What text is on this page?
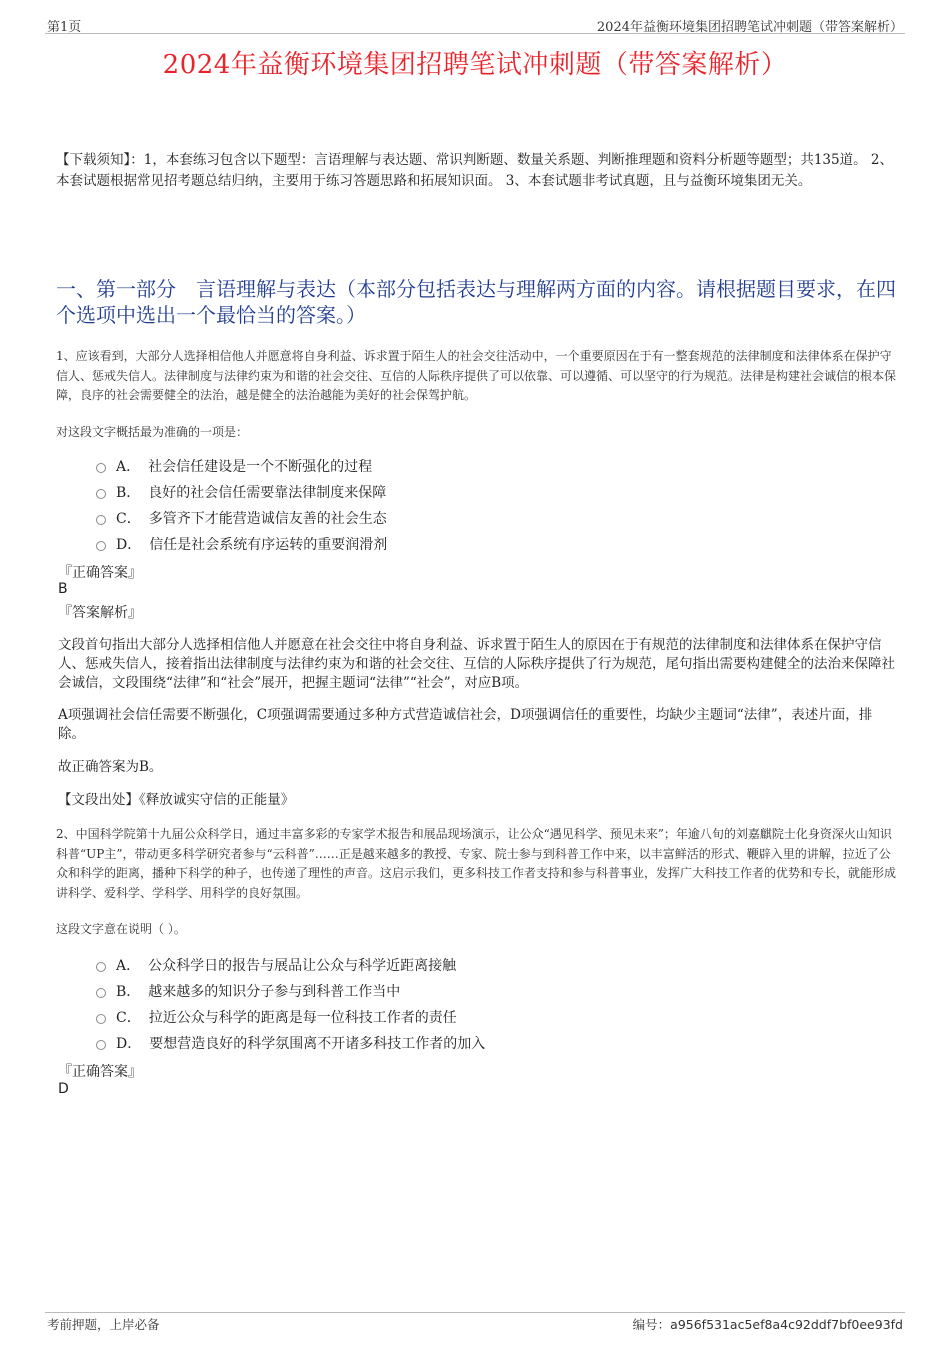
第1页	2024年益衡环境集团招聘笔试冲刺题（带答案解析）
2024年益衡环境集团招聘笔试冲刺题（带答案解析）
【下载须知】：1，本套练习包含以下题型：言语理解与表达题、常识判断题、数量关系题、判断推理题和资料分析题等题型；共135道。 2、本套试题根据常见招考题总结归纳，主要用于练习答题思路和拓展知识面。 3、本套试题非考试真题，且与益衡环境集团无关。
一、第一部分　言语理解与表达（本部分包括表达与理解两方面的内容。请根据题目要求，在四个选项中选出一个最恰当的答案。）
1、应该看到，大部分人选择相信他人并愿意将自身利益、诉求置于陌生人的社会交往活动中，一个重要原因在于有一整套规范的法律制度和法律体系在保护守信人、惩戒失信人。法律制度与法律约束为和谐的社会交往、互信的人际秩序提供了可以依靠、可以遵循、可以坚守的行为规范。法律是构建社会诚信的根本保障，良序的社会需要健全的法治，越是健全的法治越能为美好的社会保驾护航。
对这段文字概括最为准确的一项是：
A． 社会信任建设是一个不断强化的过程
B． 良好的社会信任需要靠法律制度来保障
C． 多管齐下才能营造诚信友善的社会生态
D． 信任是社会系统有序运转的重要润滑剂
『正确答案』
B
『答案解析』
文段首句指出大部分人选择相信他人并愿意在社会交往中将自身利益、诉求置于陌生人的原因在于有规范的法律制度和法律体系在保护守信人、惩戒失信人，接着指出法律制度与法律约束为和谐的社会交往、互信的人际秩序提供了行为规范，尾句指出需要构建健全的法治来保障社会诚信，文段围绕“法律”和“社会”展开，把握主题词“法律”“社会”，对应B项。
A项强调社会信任需要不断强化，C项强调需要通过多种方式营造诚信社会，D项强调信任的重要性，均缺少主题词“法律”，表述片面，排除。
故正确答案为B。
【文段出处】《释放诚实守信的正能量》
2、中国科学院第十九届公众科学日，通过丰富多彩的专家学术报告和展品现场演示，让公众“遇见科学、预见未来”；年逾八旬的刘嘉麒院士化身资深火山知识科普“UP主”，带动更多科学研究者参与“云科普”……正是越来越多的教授、专家、院士参与到科普工作中来，以丰富鲜活的形式、鞭辟入里的讲解，拉近了公众和科学的距离，播种下科学的种子，也传递了理性的声音。这启示我们，更多科技工作者支持和参与科普事业，发挥广大科技工作者的优势和专长，就能形成讲科学、爱科学、学科学、用科学的良好氛围。
这段文字意在说明（ ）。
A． 公众科学日的报告与展品让公众与科学近距离接触
B． 越来越多的知识分子参与到科普工作当中
C． 拉近公众与科学的距离是每一位科技工作者的责任
D． 要想营造良好的科学氛围离不开诸多科技工作者的加入
『正确答案』
D
考前押题，上岸必备	编号：a956f531ac5ef8a4c92ddf7bf0ee93fd
